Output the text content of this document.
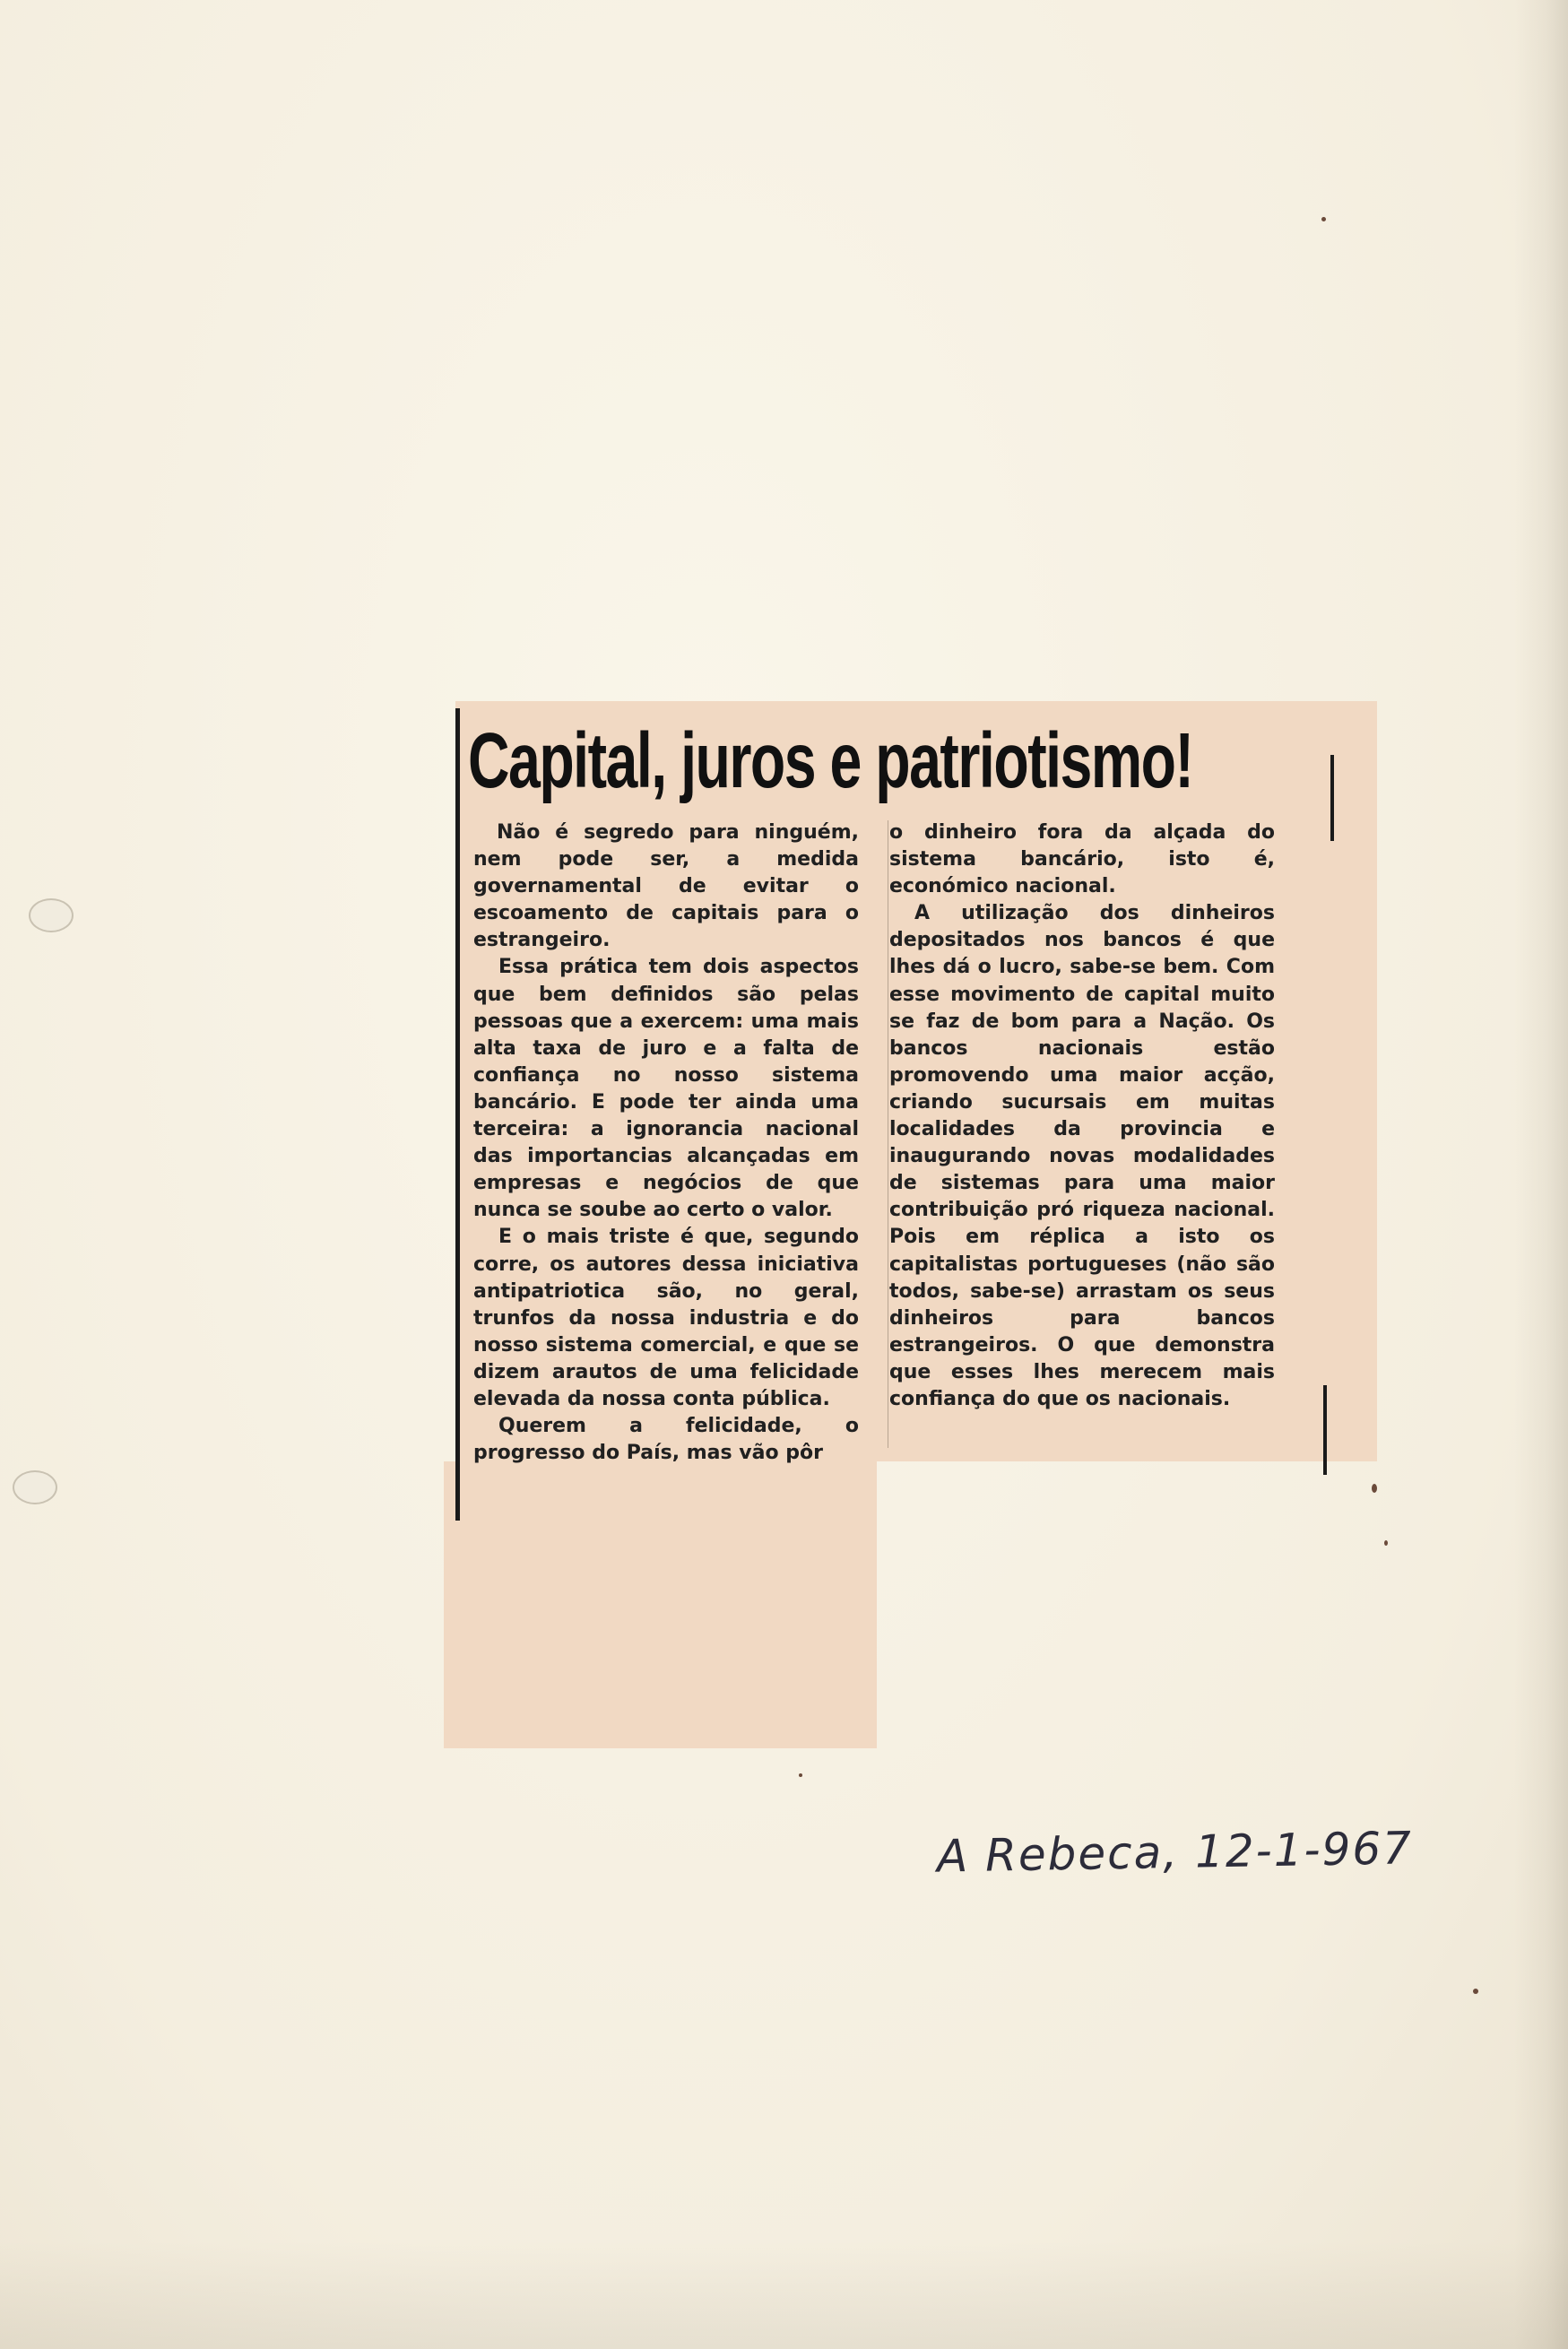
Capital, juros e patriotismo!

Não é segredo para ninguém, nem pode ser, a medida governamental de evitar o escoamento de capitais para o estrangeiro.

Essa prática tem dois aspectos que bem definidos são pelas pessoas que a exercem: uma mais alta taxa de juro e a falta de confiança no nosso sistema bancário. E pode ter ainda uma terceira: a ignorancia nacional das importancias alcançadas em empresas e negócios de que nunca se soube ao certo o valor.

E o mais triste é que, segundo corre, os autores dessa iniciativa antipatriotica são, no geral, trunfos da nossa industria e do nosso sistema comercial, e que se dizem arautos de uma felicidade elevada da nossa conta pública.

Querem a felicidade, o progresso do País, mas vão pôr

o dinheiro fora da alçada do sistema bancário, isto é, económico nacional.

A utilização dos dinheiros depositados nos bancos é que lhes dá o lucro, sabe-se bem. Com esse movimento de capital muito se faz de bom para a Nação. Os bancos nacionais estão promovendo uma maior acção, criando sucursais em muitas localidades da provincia e inaugurando novas modalidades de sistemas para uma maior contribuição pró riqueza nacional. Pois em réplica a isto os capitalistas portugueses (não são todos, sabe-se) arrastam os seus dinheiros para bancos estrangeiros. O que demonstra que esses lhes merecem mais confiança do que os nacionais.

A Rebeca, 12-1-967
